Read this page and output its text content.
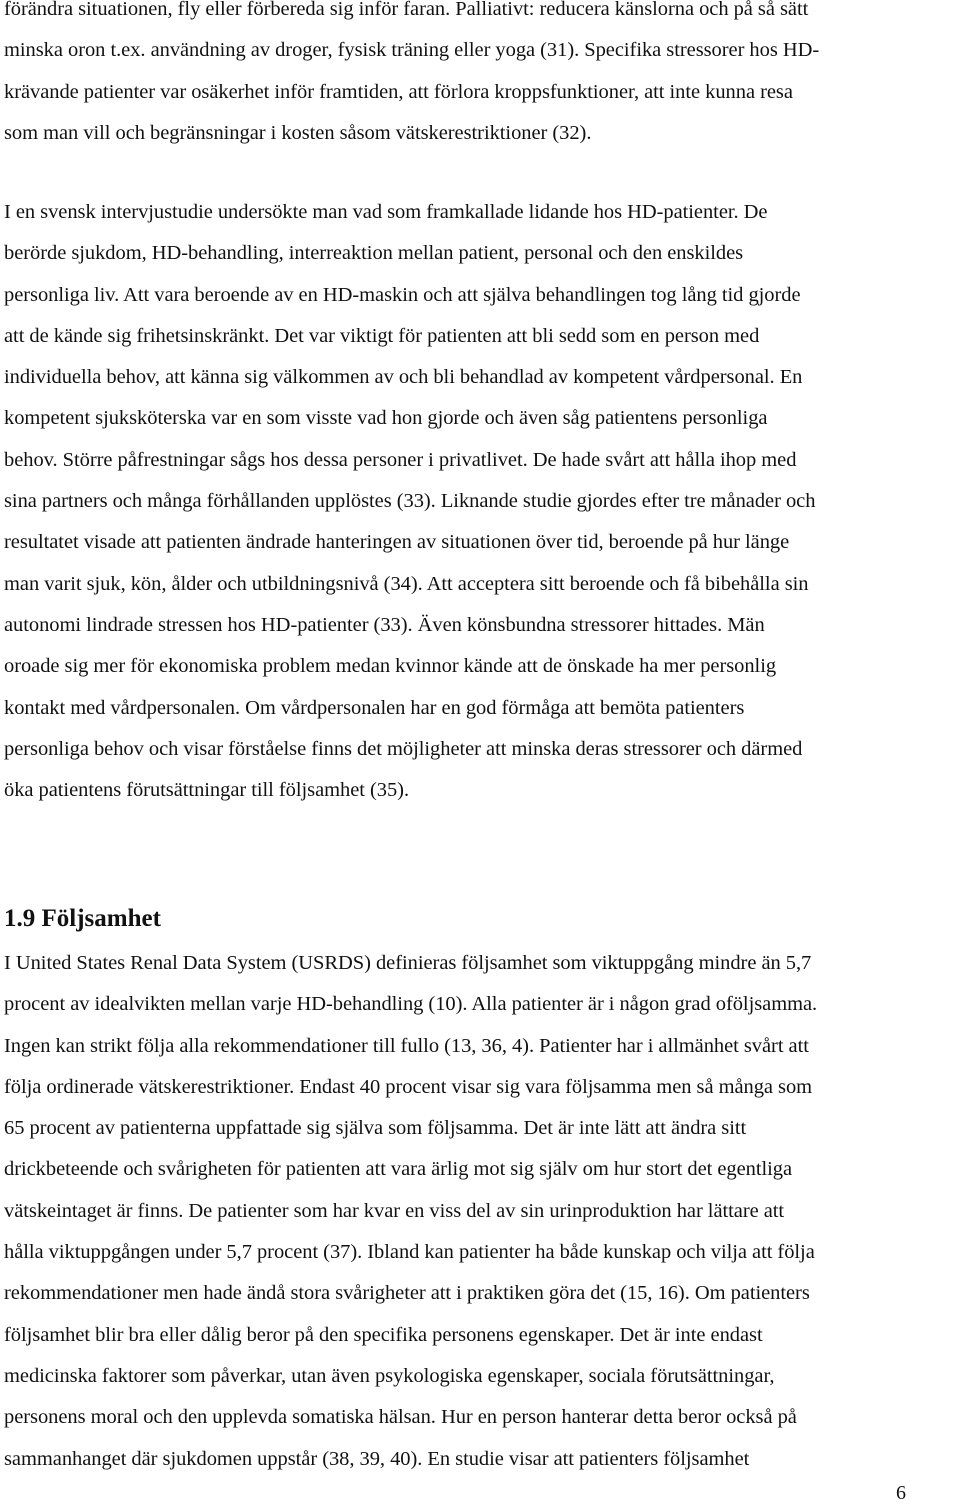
förändra situationen, fly eller förbereda sig inför faran. Palliativt: reducera känslorna och på så sätt
minska oron t.ex. användning av droger, fysisk träning eller yoga (31). Specifika stressorer hos HD-
krävande patienter var osäkerhet inför framtiden, att förlora kroppsfunktioner, att inte kunna resa
som man vill och begränsningar i kosten såsom vätskerestriktioner (32).

I en svensk intervjustudie undersökte man vad som framkallade lidande hos HD-patienter. De
berörde sjukdom, HD-behandling, interreaktion mellan patient, personal och den enskildes
personliga liv. Att vara beroende av en HD-maskin och att själva behandlingen tog lång tid gjorde
att de kände sig frihetsinskränkt. Det var viktigt för patienten att bli sedd som en person med
individuella behov, att känna sig välkommen av och bli behandlad av kompetent vårdpersonal. En
kompetent sjuksköterska var en som visste vad hon gjorde och även såg patientens personliga
behov. Större påfrestningar sågs hos dessa personer i privatlivet. De hade svårt att hålla ihop med
sina partners och många förhållanden upplöstes (33). Liknande studie gjordes efter tre månader och
resultatet visade att patienten ändrade hanteringen av situationen över tid, beroende på hur länge
man varit sjuk, kön, ålder och utbildningsnivå (34). Att acceptera sitt beroende och få bibehålla sin
autonomi lindrade stressen hos HD-patienter (33). Även könsbundna stressorer hittades. Män
oroade sig mer för ekonomiska problem medan kvinnor kände att de önskade ha mer personlig
kontakt med vårdpersonalen. Om vårdpersonalen har en god förmåga att bemöta patienters
personliga behov och visar förståelse finns det möjligheter att minska deras stressorer och därmed
öka patientens förutsättningar till följsamhet (35).

1.9 Följsamhet

I United States Renal Data System (USRDS) definieras följsamhet som viktuppgång mindre än 5,7
procent av idealvikten mellan varje HD-behandling (10). Alla patienter är i någon grad oföljsamma.
Ingen kan strikt följa alla rekommendationer till fullo (13, 36, 4). Patienter har i allmänhet svårt att
följa ordinerade vätskerestriktioner. Endast 40 procent visar sig vara följsamma men så många som
65 procent av patienterna uppfattade sig själva som följsamma. Det är inte lätt att ändra sitt
drickbeteende och svårigheten för patienten att vara ärlig mot sig själv om hur stort det egentliga
vätskeintaget är finns. De patienter som har kvar en viss del av sin urinproduktion har lättare att
hålla viktuppgången under 5,7 procent (37). Ibland kan patienter ha både kunskap och vilja att följa
rekommendationer men hade ändå stora svårigheter att i praktiken göra det (15, 16). Om patienters
följsamhet blir bra eller dålig beror på den specifika personens egenskaper. Det är inte endast
medicinska faktorer som påverkar, utan även psykologiska egenskaper, sociala förutsättningar,
personens moral och den upplevda somatiska hälsan. Hur en person hanterar detta beror också på
sammanhanget där sjukdomen uppstår (38, 39, 40). En studie visar att patienters följsamhet

6
